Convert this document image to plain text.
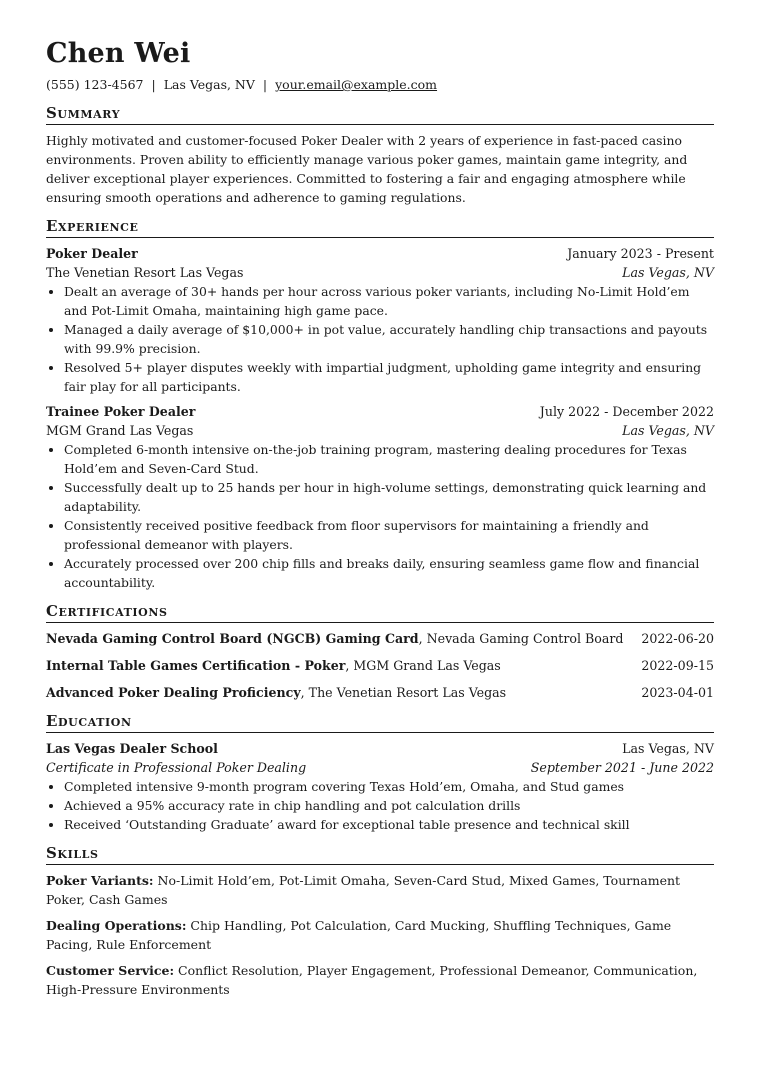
Chen Wei
(555) 123-4567 | Las Vegas, NV | your.email@example.com
Summary

Highly motivated and customer-focused Poker Dealer with 2 years of experience in fast-paced casino environments. Proven ability to efficiently manage various poker games, maintain game integrity, and deliver exceptional player experiences. Committed to fostering a fair and engaging atmosphere while ensuring smooth operations and adherence to gaming regulations.

Experience
Poker Dealer	January 2023 - Present
The Venetian Resort Las Vegas	Las Vegas, NV
• Dealt an average of 30+ hands per hour across various poker variants, including No-Limit Hold’em and Pot-Limit Omaha, maintaining high game pace.
• Managed a daily average of $10,000+ in pot value, accurately handling chip transactions and payouts with 99.9% precision.
• Resolved 5+ player disputes weekly with impartial judgment, upholding game integrity and ensuring fair play for all participants.
Trainee Poker Dealer	July 2022 - December 2022
MGM Grand Las Vegas	Las Vegas, NV
• Completed 6-month intensive on-the-job training program, mastering dealing procedures for Texas Hold’em and Seven-Card Stud.
• Successfully dealt up to 25 hands per hour in high-volume settings, demonstrating quick learning and adaptability.
• Consistently received positive feedback from floor supervisors for maintaining a friendly and professional demeanor with players.
• Accurately processed over 200 chip fills and breaks daily, ensuring seamless game flow and financial accountability.
Certifications
Nevada Gaming Control Board (NGCB) Gaming Card, Nevada Gaming Control Board 2022-06-20
Internal Table Games Certification - Poker, MGM Grand Las Vegas	2022-09-15
Advanced Poker Dealing Proficiency, The Venetian Resort Las Vegas	2023-04-01
Education
Las Vegas Dealer School	Las Vegas, NV
Certificate in Professional Poker Dealing	September 2021 - June 2022
• Completed intensive 9-month program covering Texas Hold’em, Omaha, and Stud games
• Achieved a 95% accuracy rate in chip handling and pot calculation drills
• Received ‘Outstanding Graduate’ award for exceptional table presence and technical skill
Skills
Poker Variants: No-Limit Hold’em, Pot-Limit Omaha, Seven-Card Stud, Mixed Games, Tournament Poker, Cash Games
Dealing Operations: Chip Handling, Pot Calculation, Card Mucking, Shuffling Techniques, Game Pacing, Rule Enforcement
Customer Service: Conflict Resolution, Player Engagement, Professional Demeanor, Communication, High-Pressure Environments
